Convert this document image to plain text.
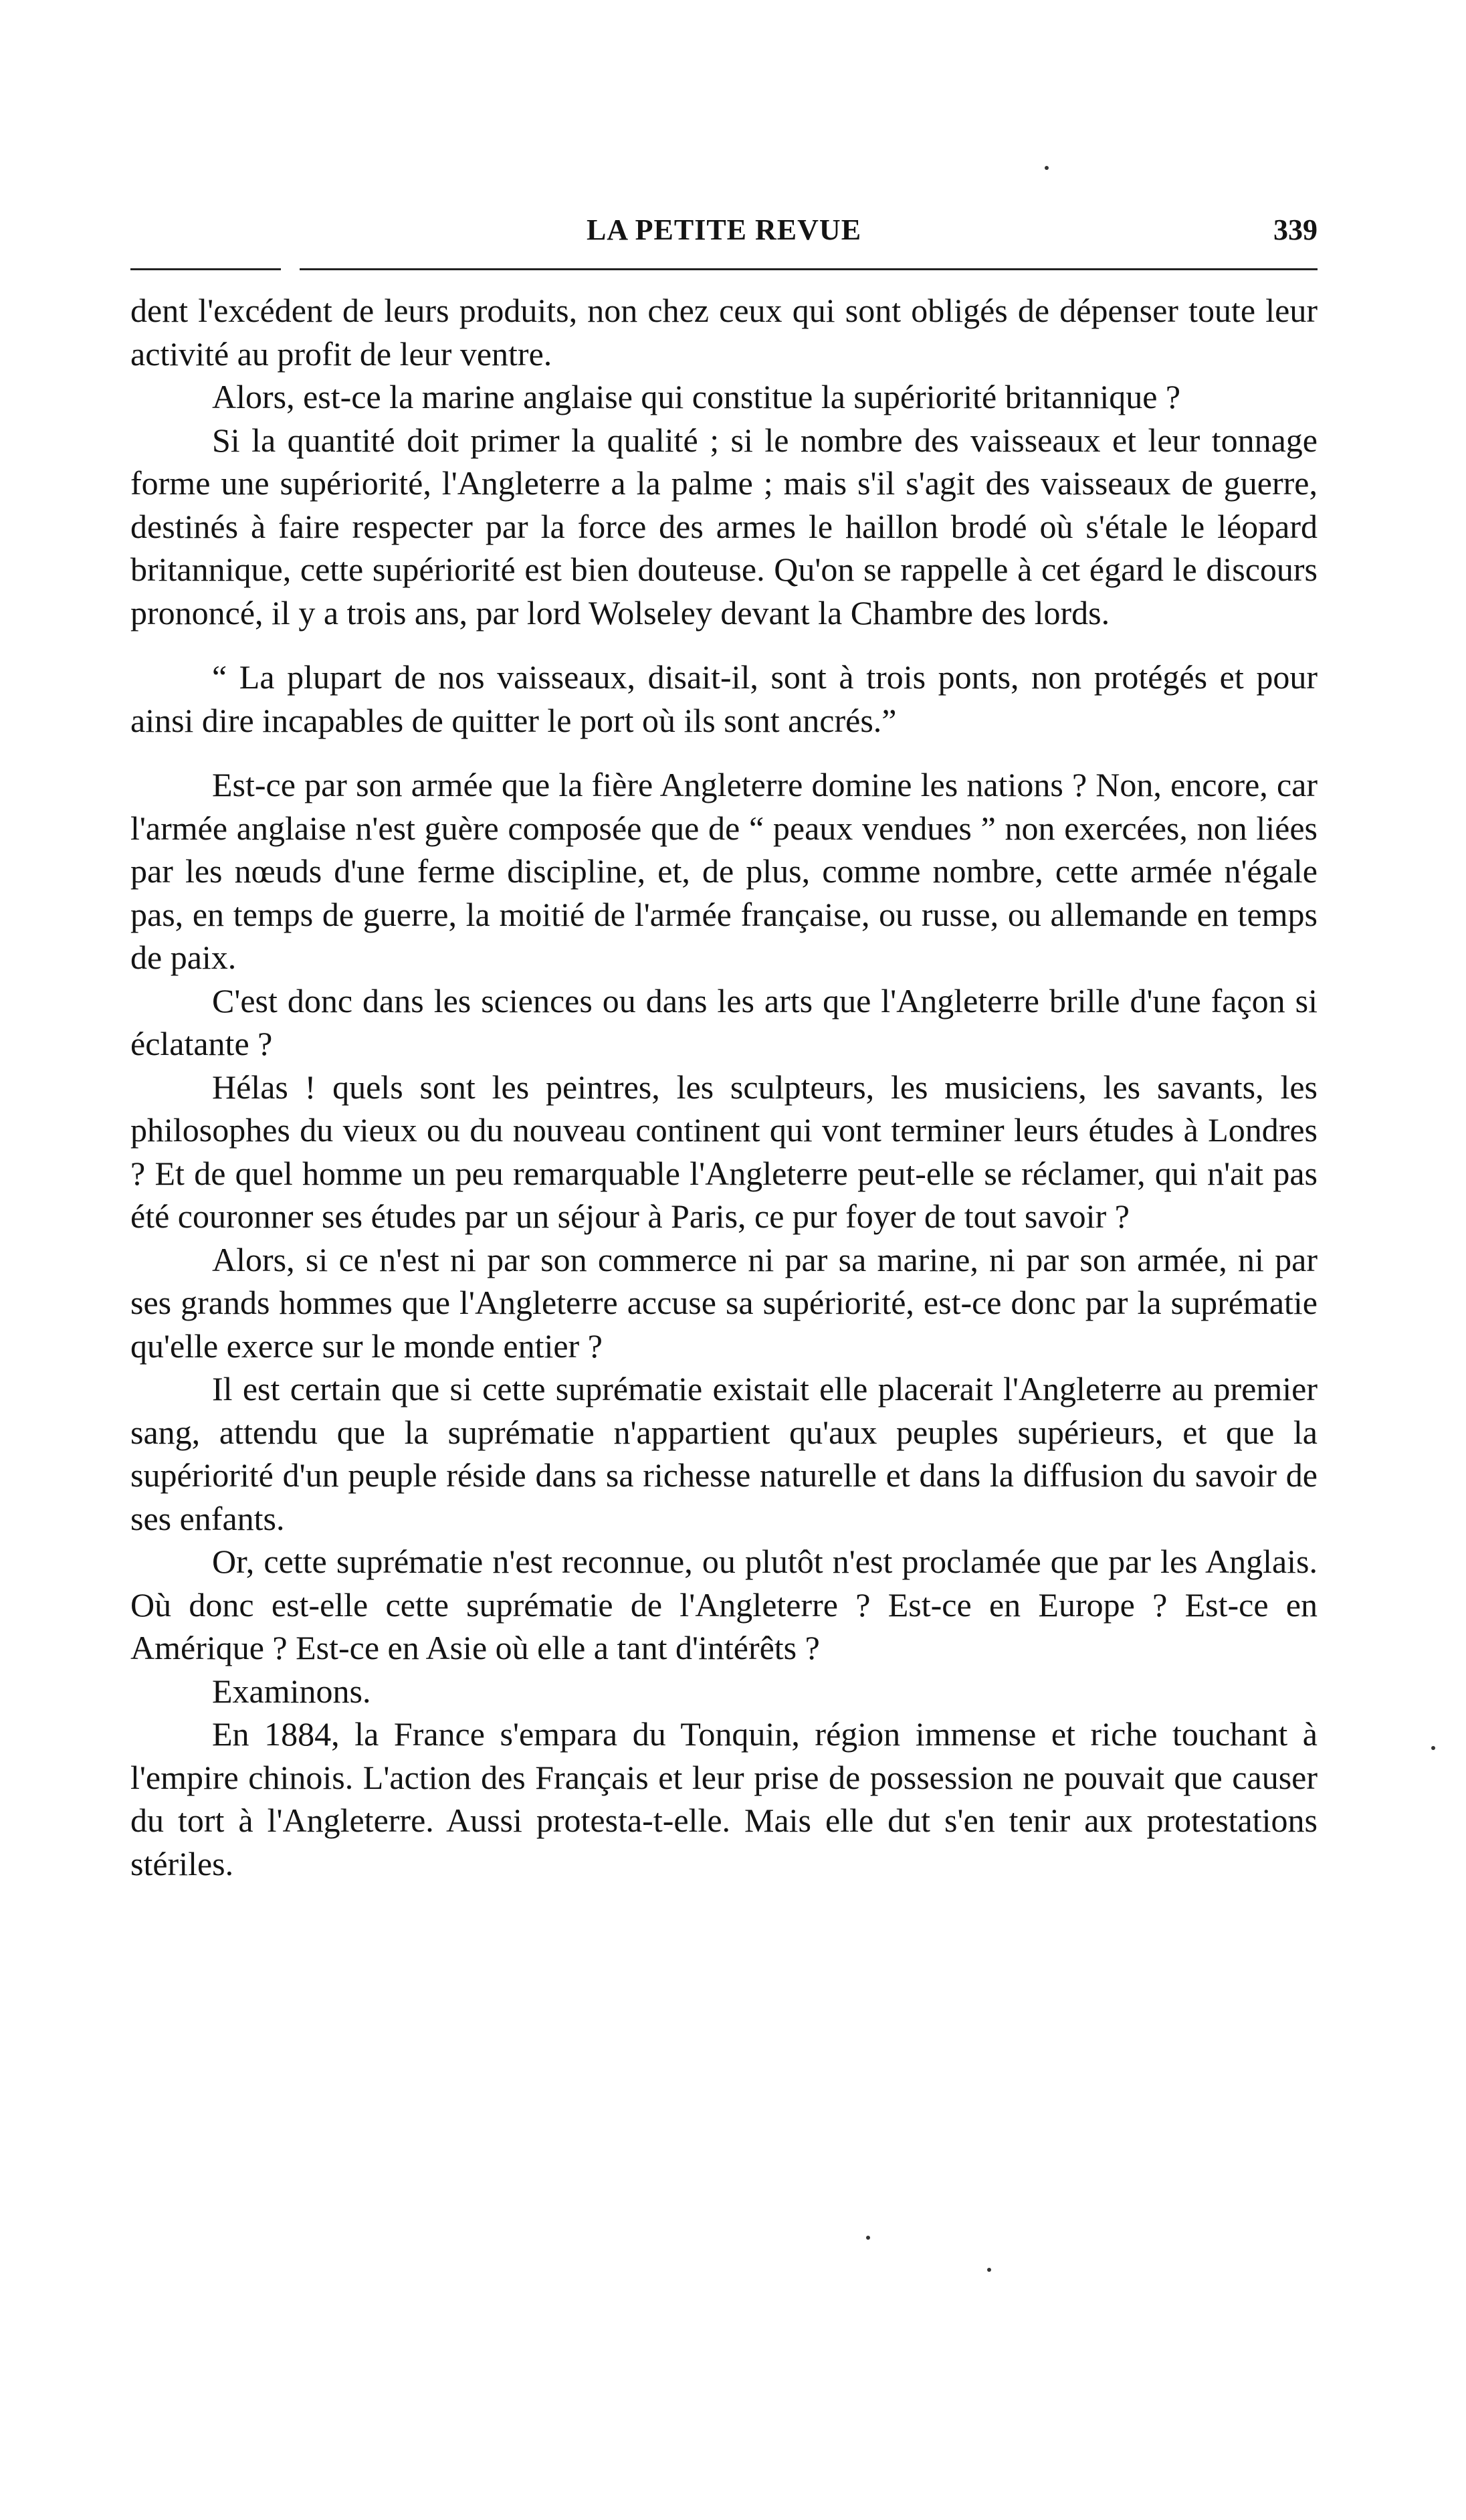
LA PETITE REVUE	339

dent l'excédent de leurs produits, non chez ceux qui sont obligés de dépenser toute leur activité au profit de leur ventre.

Alors, est-ce la marine anglaise qui constitue la supériorité britannique ?

Si la quantité doit primer la qualité ; si le nombre des vaisseaux et leur tonnage forme une supériorité, l'Angleterre a la palme ; mais s'il s'agit des vaisseaux de guerre, destinés à faire respecter par la force des armes le haillon brodé où s'étale le léopard britannique, cette supériorité est bien douteuse. Qu'on se rappelle à cet égard le discours prononcé, il y a trois ans, par lord Wolseley devant la Chambre des lords.

“ La plupart de nos vaisseaux, disait-il, sont à trois ponts, non protégés et pour ainsi dire incapables de quitter le port où ils sont ancrés.”

Est-ce par son armée que la fière Angleterre domine les nations ? Non, encore, car l'armée anglaise n'est guère composée que de “ peaux vendues ” non exercées, non liées par les nœuds d'une ferme discipline, et, de plus, comme nombre, cette armée n'égale pas, en temps de guerre, la moitié de l'armée française, ou russe, ou allemande en temps de paix.

C'est donc dans les sciences ou dans les arts que l'Angleterre brille d'une façon si éclatante ?

Hélas ! quels sont les peintres, les sculpteurs, les musiciens, les savants, les philosophes du vieux ou du nouveau continent qui vont terminer leurs études à Londres ? Et de quel homme un peu remarquable l'Angleterre peut-elle se réclamer, qui n'ait pas été couronner ses études par un séjour à Paris, ce pur foyer de tout savoir ?

Alors, si ce n'est ni par son commerce ni par sa marine, ni par son armée, ni par ses grands hommes que l'Angleterre accuse sa supériorité, est-ce donc par la suprématie qu'elle exerce sur le monde entier ?

Il est certain que si cette suprématie existait elle placerait l'Angleterre au premier sang, attendu que la suprématie n'appartient qu'aux peuples supérieurs, et que la supériorité d'un peuple réside dans sa richesse naturelle et dans la diffusion du savoir de ses enfants.

Or, cette suprématie n'est reconnue, ou plutôt n'est proclamée que par les Anglais. Où donc est-elle cette suprématie de l'Angleterre ? Est-ce en Europe ? Est-ce en Amérique ? Est-ce en Asie où elle a tant d'intérêts ?

Examinons.

En 1884, la France s'empara du Tonquin, région immense et riche touchant à l'empire chinois. L'action des Français et leur prise de possession ne pouvait que causer du tort à l'Angleterre. Aussi protesta-t-elle. Mais elle dut s'en tenir aux protestations stériles.
